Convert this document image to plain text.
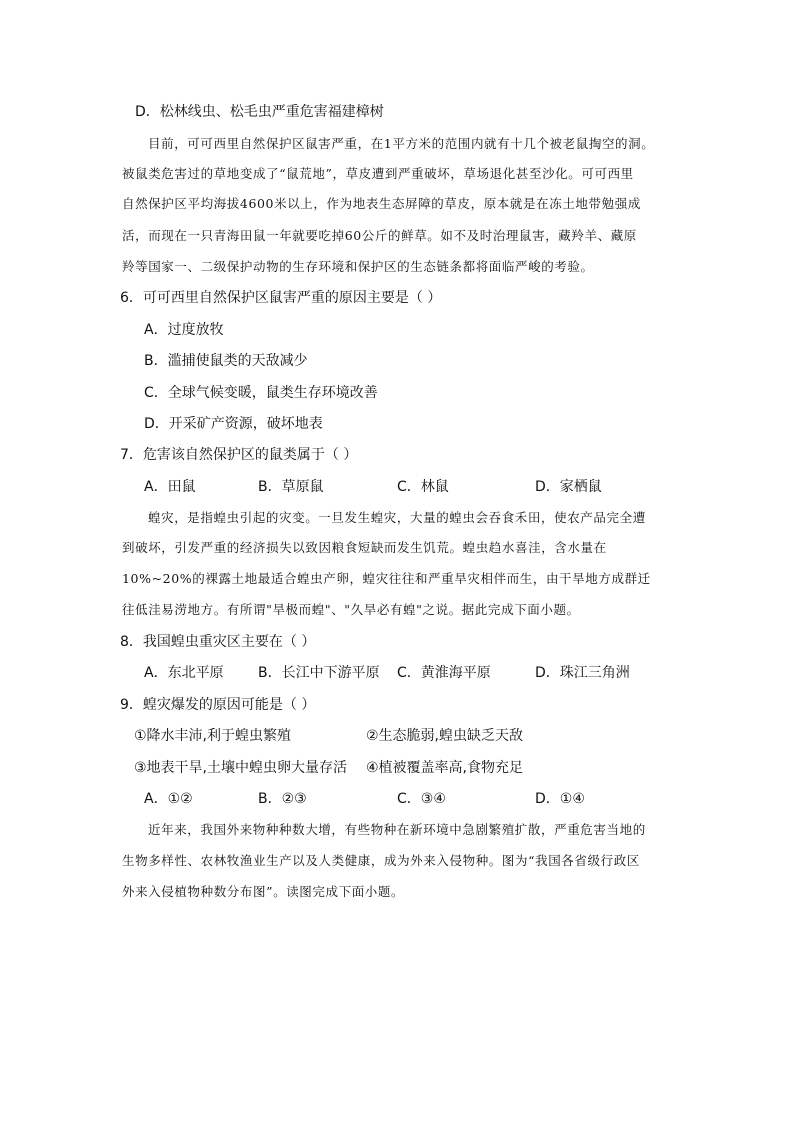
D．松林线虫、松毛虫严重危害福建樟树
目前，可可西里自然保护区鼠害严重，在1平方米的范围内就有十几个被老鼠掏空的洞。
被鼠类危害过的草地变成了“鼠荒地”，草皮遭到严重破坏，草场退化甚至沙化。可可西里
自然保护区平均海拔4600米以上，作为地表生态屏障的草皮，原本就是在冻土地带勉强成
活，而现在一只青海田鼠一年就要吃掉60公斤的鲜草。如不及时治理鼠害，藏羚羊、藏原
羚等国家一、二级保护动物的生存环境和保护区的生态链条都将面临严峻的考验。
6．可可西里自然保护区鼠害严重的原因主要是（ ）
A．过度放牧
B．滥捕使鼠类的天敌减少
C．全球气候变暖，鼠类生存环境改善
D．开采矿产资源，破坏地表
7．危害该自然保护区的鼠类属于（ ）
A．田鼠	B．草原鼠	C．林鼠	D．家栖鼠
蝗灾，是指蝗虫引起的灾变。一旦发生蝗灾，大量的蝗虫会吞食禾田，使农产品完全遭
到破坏，引发严重的经济损失以致因粮食短缺而发生饥荒。蝗虫趋水喜洼，含水量在
10%~20%的裸露土地最适合蝗虫产卵，蝗灾往往和严重旱灾相伴而生，由干旱地方成群迁
往低洼易涝地方。有所谓"旱极而蝗"、"久旱必有蝗"之说。据此完成下面小题。
8．我国蝗虫重灾区主要在（ ）
A．东北平原 B．长江中下游平原 C．黄淮海平原	D．珠江三角洲
9．蝗灾爆发的原因可能是（ ）
①降水丰沛,利于蝗虫繁殖	②生态脆弱,蝗虫缺乏天敌
③地表干旱,土壤中蝗虫卵大量存活 ④植被覆盖率高,食物充足
A．①②	B．②③	C．③④	D．①④
近年来，我国外来物种种数大增，有些物种在新环境中急剧繁殖扩散，严重危害当地的
生物多样性、农林牧渔业生产以及人类健康，成为外来入侵物种。图为“我国各省级行政区
外来入侵植物种数分布图”。读图完成下面小题。
